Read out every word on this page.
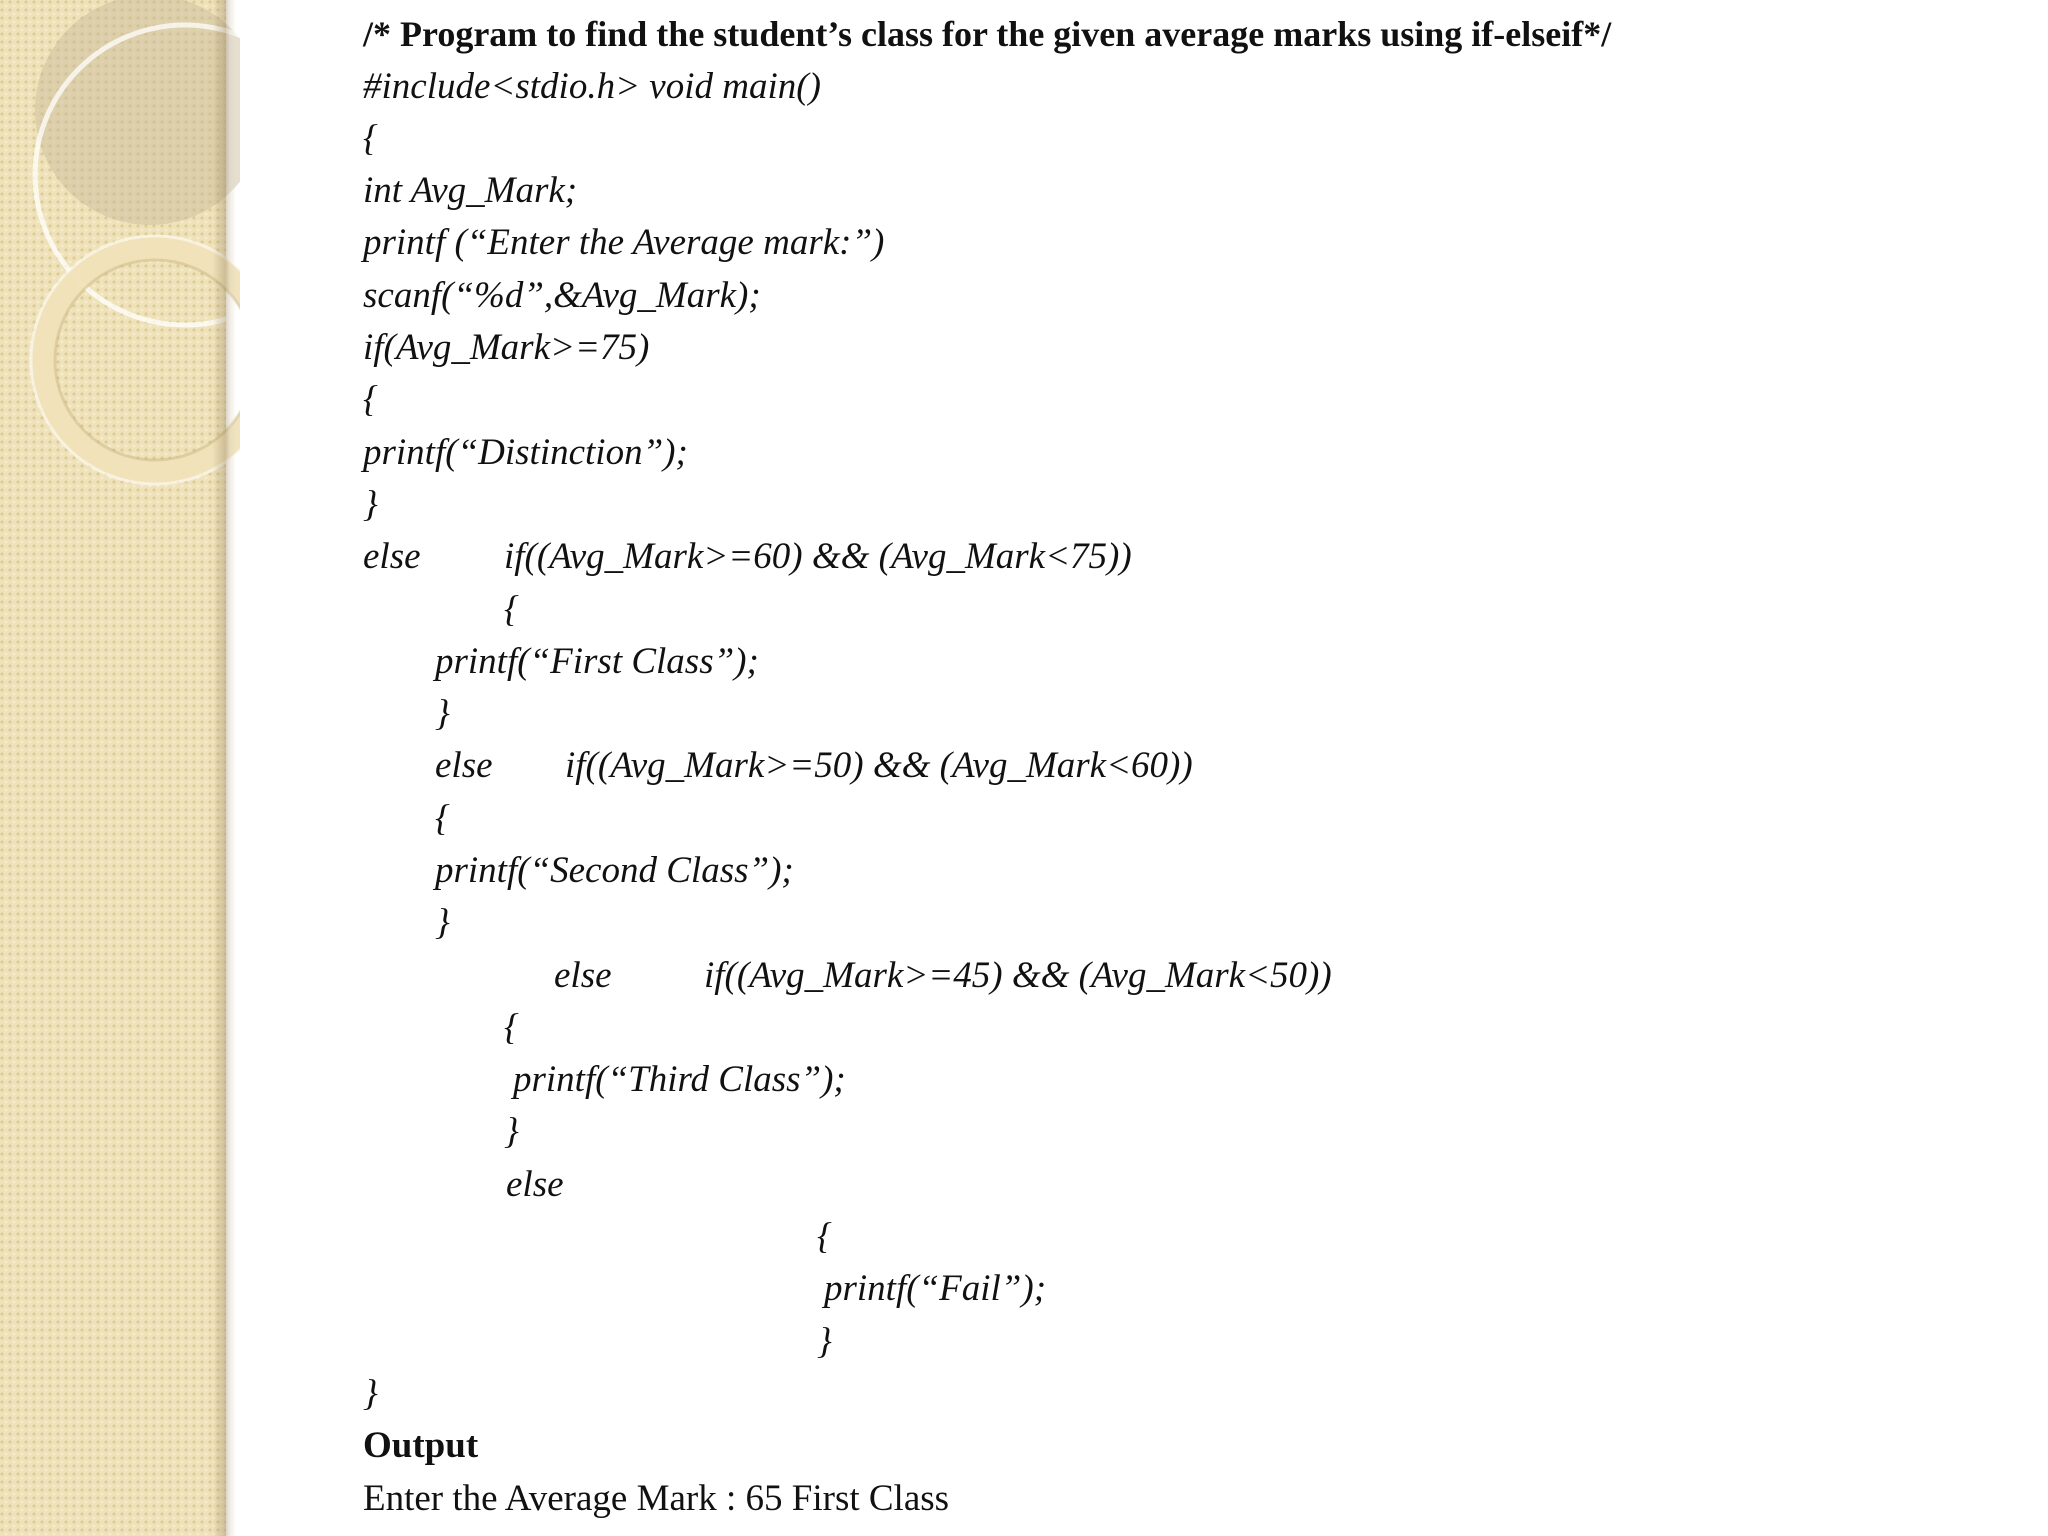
/* Program to find the student’s class for the given average marks using if-elseif*/
#include<stdio.h> void main()
{
int Avg_Mark;
printf (“Enter the Average mark:”)
scanf(“%d”,&Avg_Mark);
if(Avg_Mark>=75)
{
printf(“Distinction”);
}
else if((Avg_Mark>=60) && (Avg_Mark<75))
{
printf(“First Class”);
}
else if((Avg_Mark>=50) && (Avg_Mark<60))
{
printf(“Second Class”);
}
else if((Avg_Mark>=45) && (Avg_Mark<50))
{
printf(“Third Class”);
}
else
{
printf(“Fail”);
}
}
Output
Enter the Average Mark : 65 First Class
